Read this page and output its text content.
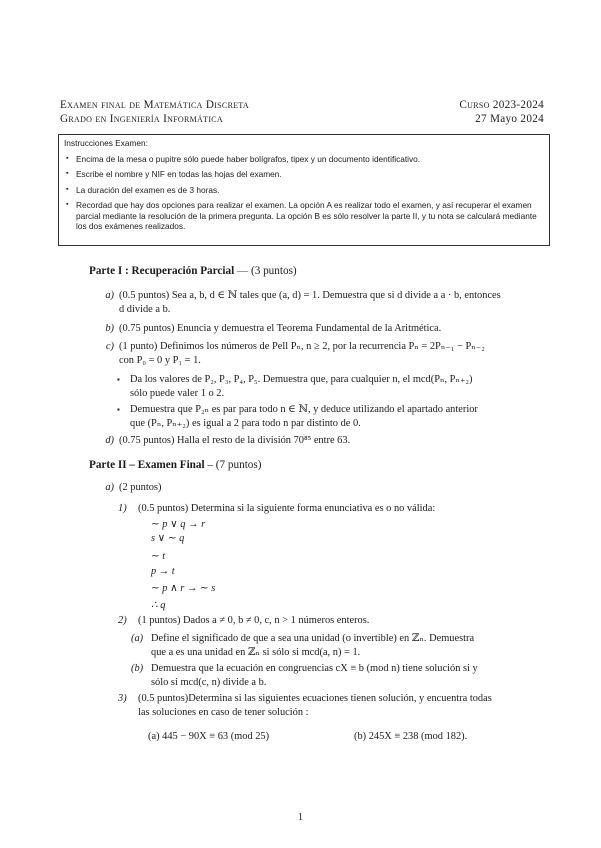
Examen final de Matemática Discreta
Grado en Ingeniería Informática
Curso 2023-2024
27 Mayo 2024
Instrucciones Examen:
▪ Encima de la mesa o pupitre sólo puede haber bolígrafos, tipex y un documento identificativo.
▪ Escribe el nombre y NIF en todas las hojas del examen.
▪ La duración del examen es de 3 horas.
▪ Recordad que hay dos opciones para realizar el examen. La opción A es realizar todo el examen, y así recuperar el examen parcial mediante la resolución de la primera pregunta. La opción B es sólo resolver la parte II, y tu nota se calculará mediante los dos exámenes realizados.
Parte I : Recuperación Parcial — (3 puntos)
a) (0.5 puntos) Sea a, b, d ∈ ℕ tales que (a, d) = 1. Demuestra que si d divide a a · b, entonces
d divide a b.
b) (0.75 puntos) Enuncia y demuestra el Teorema Fundamental de la Aritmética.
c) (1 punto) Definimos los números de Pell Pₙ, n ≥ 2, por la recurrencia Pₙ = 2Pₙ₋₁ − Pₙ₋₂
con P₀ = 0 y P₁ = 1.
▪ Da los valores de P₂, P₃, P₄, P₅. Demuestra que, para cualquier n, el mcd(Pₙ, Pₙ₊₂)
sólo puede valer 1 o 2.
▪ Demuestra que P₂ₙ es par para todo n ∈ ℕ, y deduce utilizando el apartado anterior
que (Pₙ, Pₙ₊₂) es igual a 2 para todo n par distinto de 0.
d) (0.75 puntos) Halla el resto de la división 70⁸⁵ entre 63.
Parte II – Examen Final – (7 puntos)
a) (2 puntos)
1) (0.5 puntos) Determina si la siguiente forma enunciativa es o no válida:
∼ p ∨ q → r
s ∨ ∼ q
∼ t
p → t
∼ p ∧ r → ∼ s
∴ q
2) (1 puntos) Dados a ≠ 0, b ≠ 0, c, n > 1 números enteros.
(a) Define el significado de que a sea una unidad (o invertible) en ℤₙ. Demuestra
que a es una unidad en ℤₙ si sólo si mcd(a, n) = 1.
(b) Demuestra que la ecuación en congruencias cX ≡ b (mod n) tiene solución si y
sólo si mcd(c, n) divide a b.
3) (0.5 puntos)Determina si las siguientes ecuaciones tienen solución, y encuentra todas
las soluciones en caso de tener solución :
(a) 445 − 90X ≡ 63 (mod 25)	(b) 245X ≡ 238 (mod 182).
1
